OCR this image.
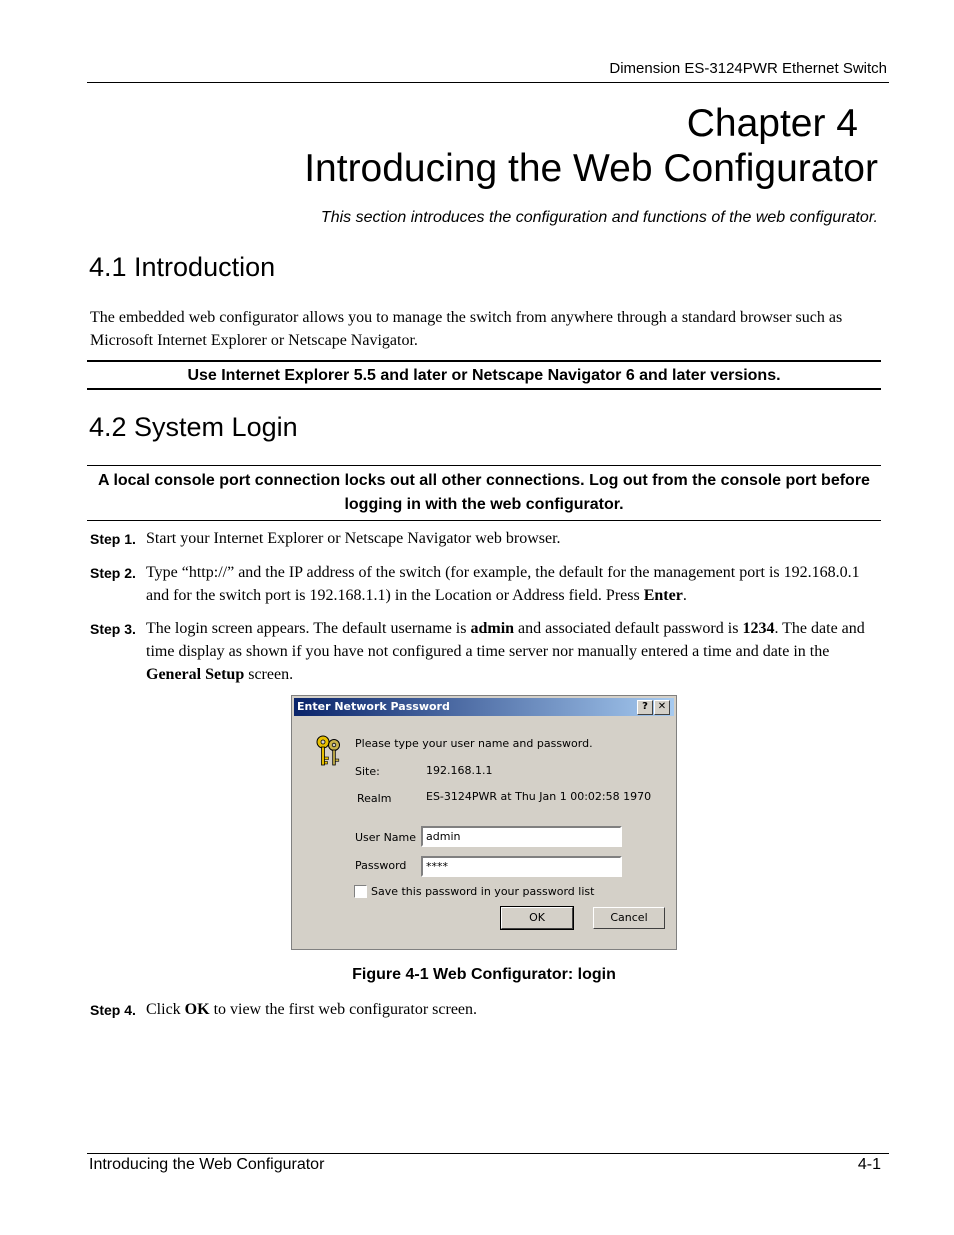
Dimension ES-3124PWR Ethernet Switch
Chapter 4
Introducing the Web Configurator
This section introduces the configuration and functions of the web configurator.
4.1 Introduction
The embedded web configurator allows you to manage the switch from anywhere through a standard browser such as Microsoft Internet Explorer or Netscape Navigator.
Use Internet Explorer 5.5 and later or Netscape Navigator 6 and later versions.
4.2 System Login
A local console port connection locks out all other connections. Log out from the console port before logging in with the web configurator.
Step 1. Start your Internet Explorer or Netscape Navigator web browser.
Step 2. Type “http://” and the IP address of the switch (for example, the default for the management port is 192.168.0.1 and for the switch port is 192.168.1.1) in the Location or Address field. Press Enter.
Step 3. The login screen appears. The default username is admin and associated default password is 1234. The date and time display as shown if you have not configured a time server nor manually entered a time and date in the General Setup screen.
Enter Network Password	? ✕
Please type your user name and password.
Site:	192.168.1.1
Realm	ES-3124PWR at Thu Jan 1 00:02:58 1970
User Name
admin
Password
****
Save this password in your password list
OK	Cancel
Figure 4-1 Web Configurator: login
Step 4. Click OK to view the first web configurator screen.
Introducing the Web Configurator	4-1
